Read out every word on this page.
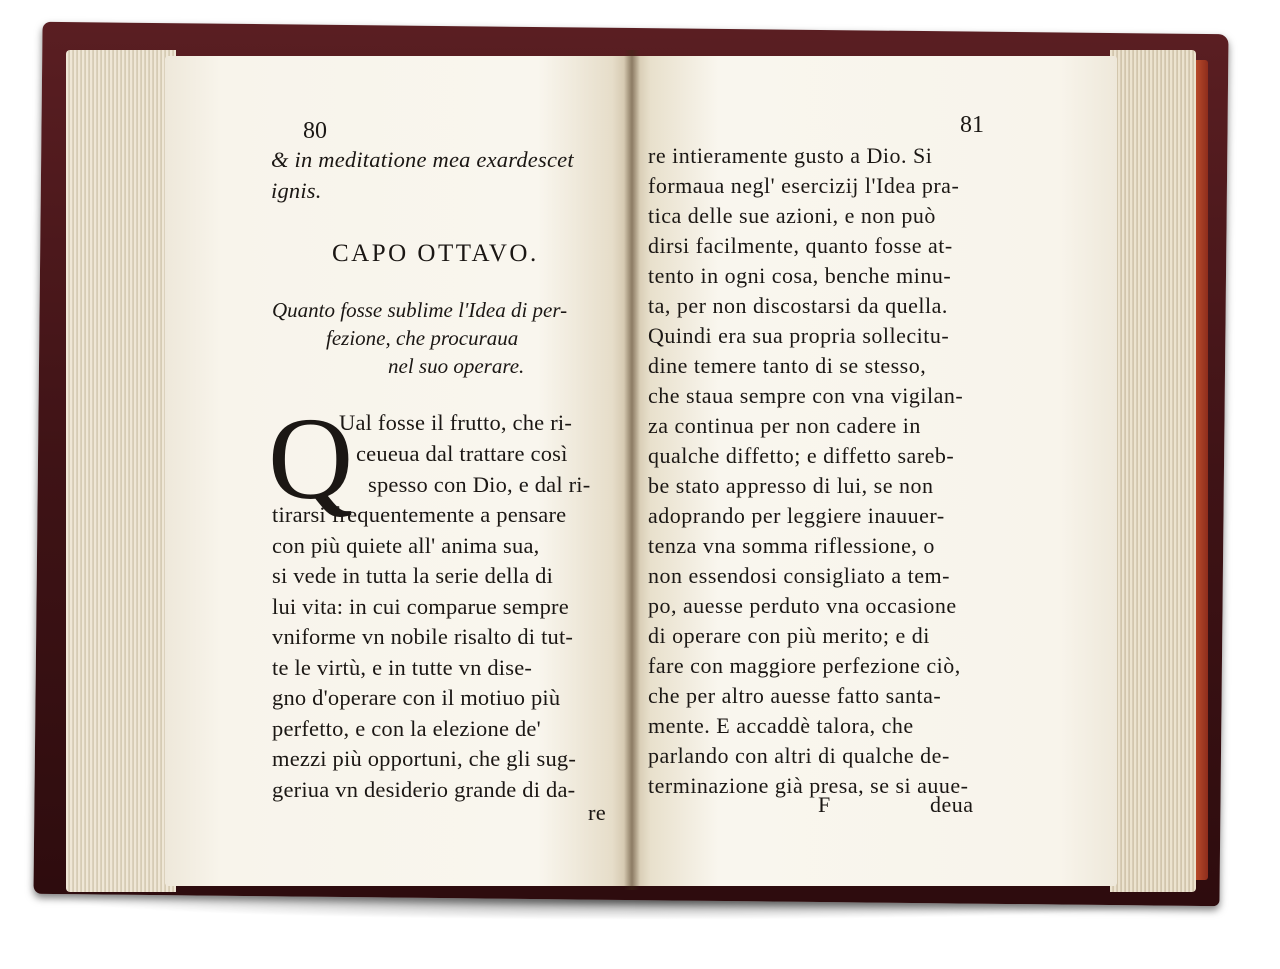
80
& in meditatione mea exardescet
ignis.
CAPO OTTAVO.
Quanto fosse sublime l'Idea di per-
fezione, che procuraua
nel suo operare.
Q
Ual fosse il frutto, che ri-
ceueua dal trattare così
spesso con Dio, e dal ri-
tirarsi frequentemente a pensare
con più quiete all' anima sua,
si vede in tutta la serie della di
lui vita: in cui comparue sempre
vniforme vn nobile risalto di tut-
te le virtù, e in tutte vn dise-
gno d'operare con il motiuo più
perfetto, e con la elezione de'
mezzi più opportuni, che gli sug-
geriua vn desiderio grande di da-
re
81
re intieramente gusto a Dio. Si
formaua negl' esercizij l'Idea pra-
tica delle sue azioni, e non può
dirsi facilmente, quanto fosse at-
tento in ogni cosa, benche minu-
ta, per non discostarsi da quella.
Quindi era sua propria sollecitu-
dine temere tanto di se stesso,
che staua sempre con vna vigilan-
za continua per non cadere in
qualche diffetto; e diffetto sareb-
be stato appresso di lui, se non
adoprando per leggiere inauuer-
tenza vna somma riflessione, o
non essendosi consigliato a tem-
po, auesse perduto vna occasione
di operare con più merito; e di
fare con maggiore perfezione ciò,
che per altro auesse fatto santa-
mente. E accaddè talora, che
parlando con altri di qualche de-
terminazione già presa, se si auue-
F	deua
